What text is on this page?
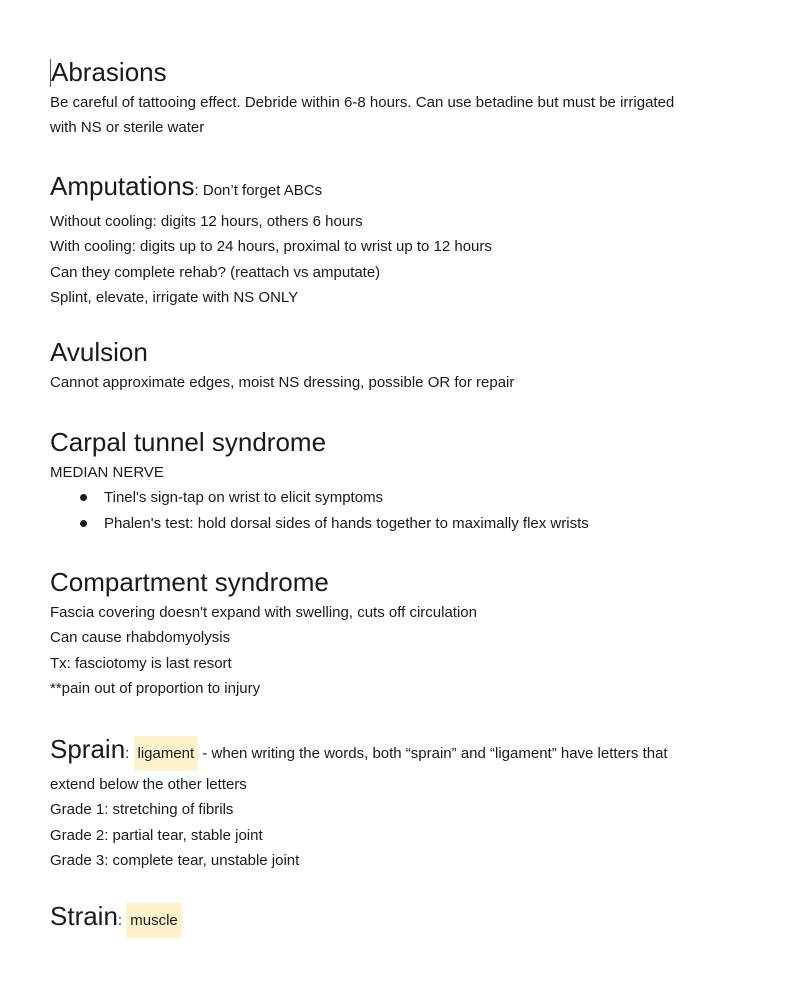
Abrasions

Be careful of tattooing effect. Debride within 6-8 hours. Can use betadine but must be irrigated

with NS or sterile water

Amputations: Don’t forget ABCs

Without cooling: digits 12 hours, others 6 hours

With cooling: digits up to 24 hours, proximal to wrist up to 12 hours

Can they complete rehab? (reattach vs amputate)

Splint, elevate, irrigate with NS ONLY

Avulsion

Cannot approximate edges, moist NS dressing, possible OR for repair

Carpal tunnel syndrome

MEDIAN NERVE

Tinel's sign-tap on wrist to elicit symptoms
Phalen's test: hold dorsal sides of hands together to maximally flex wrists
Compartment syndrome

Fascia covering doesn't expand with swelling, cuts off circulation

Can cause rhabdomyolysis

Tx: fasciotomy is last resort

**pain out of proportion to injury

Sprain: ligament - when writing the words, both “sprain” and “ligament” have letters that

extend below the other letters

Grade 1: stretching of fibrils

Grade 2: partial tear, stable joint

Grade 3: complete tear, unstable joint

Strain: muscle
